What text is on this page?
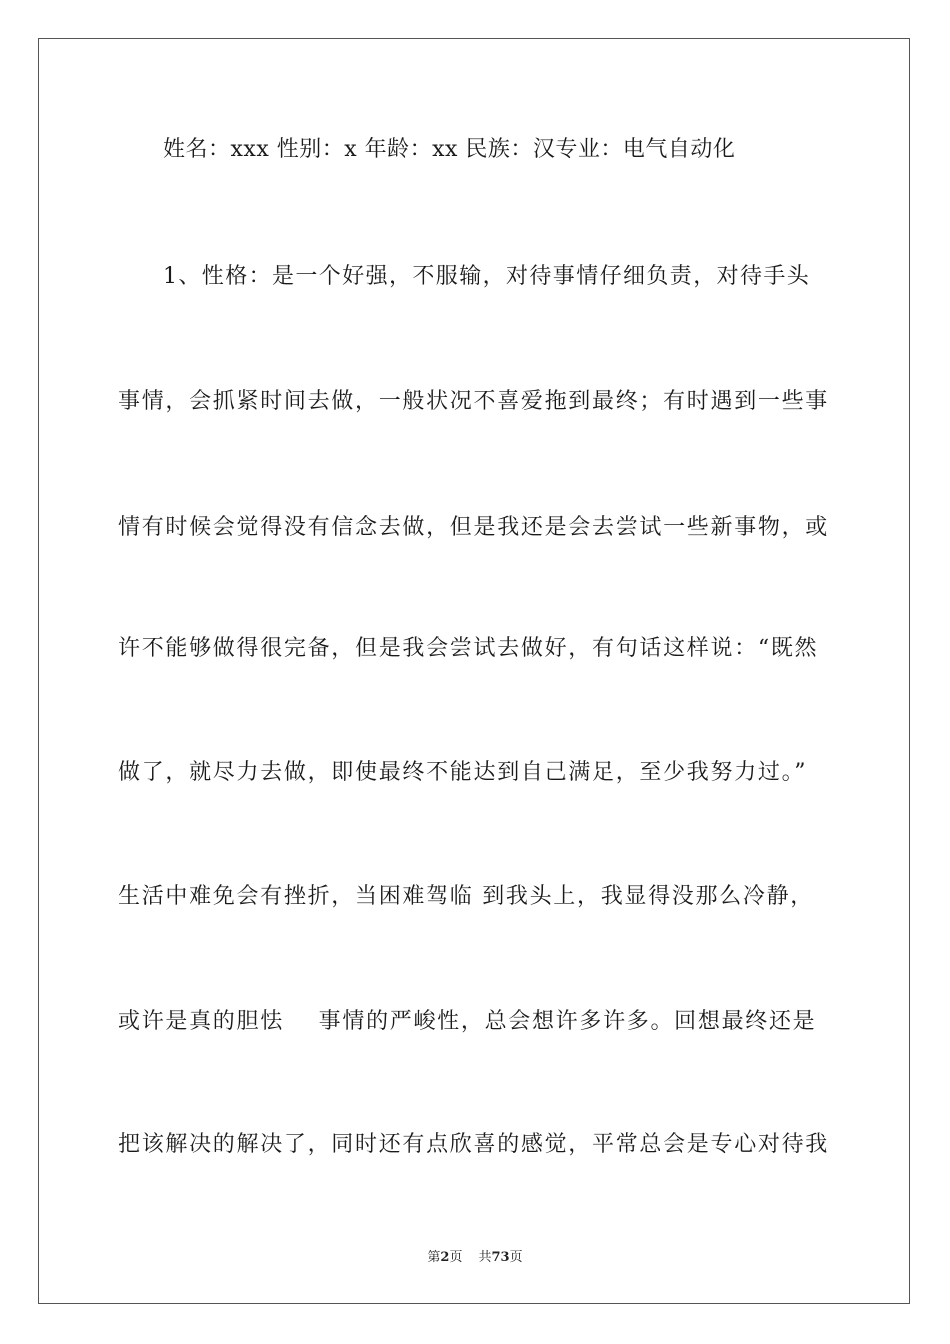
姓名：xxx 性别：x 年龄：xx 民族：汉专业：电气自动化
1、性格：是一个好强，不服输，对待事情仔细负责，对待手头
事情，会抓紧时间去做，一般状况不喜爱拖到最终；有时遇到一些事
情有时候会觉得没有信念去做，但是我还是会去尝试一些新事物，或
许不能够做得很完备，但是我会尝试去做好，有句话这样说：“既然
做了，就尽力去做，即使最终不能达到自己满足，至少我努力过。”
生活中难免会有挫折，当困难驾临 到我头上，我显得没那么冷静，
或许是真的胆怯    事情的严峻性，总会想许多许多。回想最终还是
把该解决的解决了，同时还有点欣喜的感觉，平常总会是专心对待我
第2页 共73页
